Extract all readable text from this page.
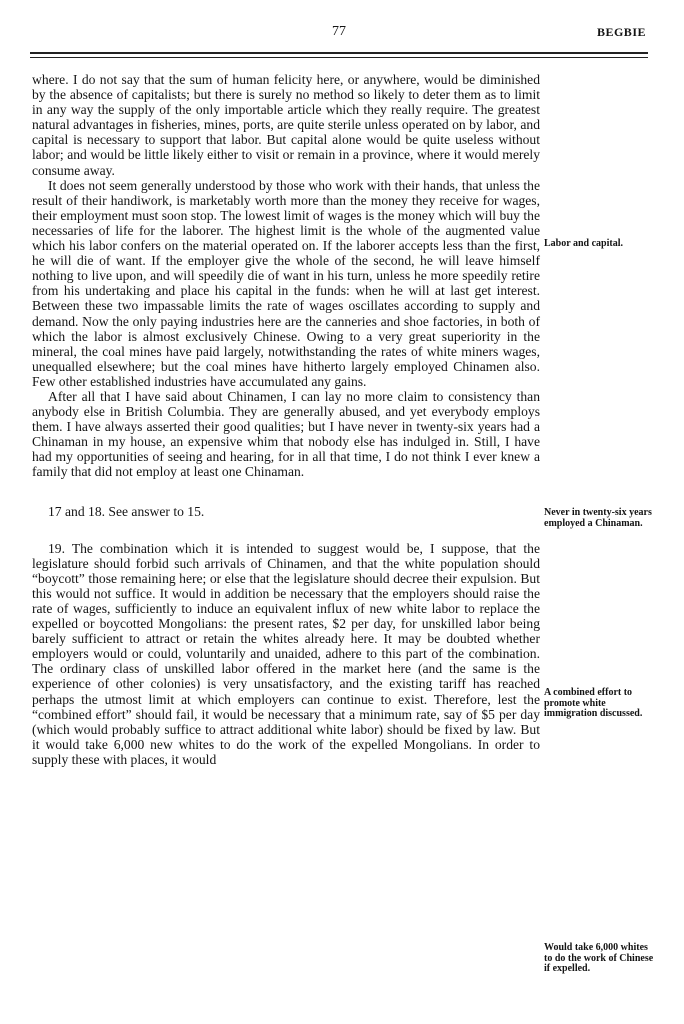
77	BEGBIE

where. I do not say that the sum of human felicity here, or anywhere, would be diminished by the absence of capitalists; but there is surely no method so likely to deter them as to limit in any way the supply of the only importable article which they really require. The greatest natural advantages in fisheries, mines, ports, are quite sterile unless operated on by labor, and capital is necessary to support that labor. But capital alone would be quite useless without labor; and would be little likely either to visit or remain in a province, where it would merely consume away.

It does not seem generally understood by those who work with their hands, that unless the result of their handiwork, is marketably worth more than the money they receive for wages, their employment must soon stop. The lowest limit of wages is the money which will buy the necessaries of life for the laborer. The highest limit is the whole of the augmented value which his labor confers on the material operated on. If the laborer accepts less than the first, he will die of want. If the employer give the whole of the second, he will leave himself nothing to live upon, and will speedily die of want in his turn, unless he more speedily retire from his undertaking and place his capital in the funds: when he will at last get interest. Between these two impassable limits the rate of wages oscillates according to supply and demand. Now the only paying industries here are the canneries and shoe factories, in both of which the labor is almost exclusively Chinese. Owing to a very great superiority in the mineral, the coal mines have paid largely, notwithstanding the rates of white miners wages, unequalled elsewhere; but the coal mines have hitherto largely employed Chinamen also. Few other established industries have accumulated any gains.

After all that I have said about Chinamen, I can lay no more claim to consistency than anybody else in British Columbia. They are generally abused, and yet everybody employs them. I have always asserted their good qualities; but I have never in twenty-six years had a Chinaman in my house, an expensive whim that nobody else has indulged in. Still, I have had my opportunities of seeing and hearing, for in all that time, I do not think I ever knew a family that did not employ at least one Chinaman.

17 and 18. See answer to 15.

19. The combination which it is intended to suggest would be, I suppose, that the legislature should forbid such arrivals of Chinamen, and that the white population should “boycott” those remaining here; or else that the legislature should decree their expulsion. But this would not suffice. It would in addition be necessary that the employers should raise the rate of wages, sufficiently to induce an equivalent influx of new white labor to replace the expelled or boycotted Mongolians: the present rates, $2 per day, for unskilled labor being barely sufficient to attract or retain the whites already here. It may be doubted whether employers would or could, voluntarily and unaided, adhere to this part of the combination. The ordinary class of unskilled labor offered in the market here (and the same is the experience of other colonies) is very unsatisfactory, and the existing tariff has reached perhaps the utmost limit at which employers can continue to exist. Therefore, lest the “combined effort” should fail, it would be necessary that a minimum rate, say of $5 per day (which would probably suffice to attract additional white labor) should be fixed by law. But it would take 6,000 new whites to do the work of the expelled Mongolians. In order to supply these with places, it would

Labor and capital.
Never in twenty-six years employed a Chinaman.
A combined effort to promote white immigration discussed.
Would take 6,000 whites to do the work of Chinese if expelled.
